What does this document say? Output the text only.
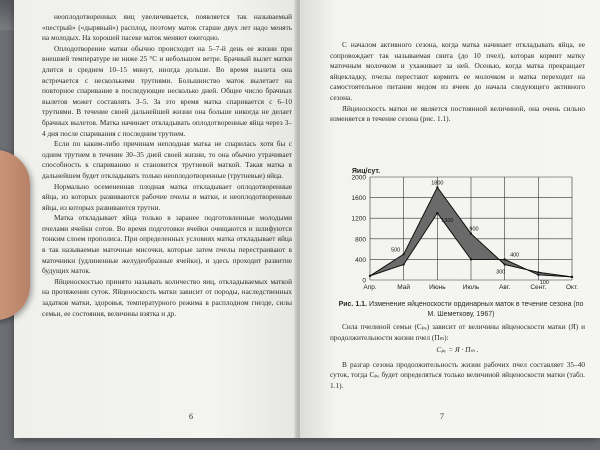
неоплодотворенных яиц увеличивается, появляется так называемый «пестрый» («дырявый») расплод, поэтому маток старше двух лет надо менять на молодых. На хорошей пасеке маток меняют ежегодно.

Оплодотворение матки обычно происходит на 5–7-й день ее жизни при внешней температуре не ниже 25 °С и небольшом ветре. Брачный вылет матки длится в среднем 10–15 минут, иногда дольше. Во время вылета она встречается с несколькими трутнями. Большинство маток вылетает на повторное спаривание в последующие несколько дней. Общее число брачных вылетов может составлять 3–5. За это время матка спаривается с 6–10 трутнями. В течение своей дальнейшей жизни она больше никогда не делает брачных вылетов. Матка начинает откладывать оплодотворенные яйца через 3–4 дня после спаривания с последним трутнем.

Если по каким-либо причинам неплодная матка не спарилась хотя бы с одним трутнем в течение 30–35 дней своей жизни, то она обычно утрачивает способность к спариванию и становится трутневой маткой. Такая матка в дальнейшем будет откладывать только неоплодотворенные (трутневые) яйца.

Нормально осемененная плодная матка откладывает оплодотворенные яйца, из которых развиваются рабочие пчелы и матки, и неоплодотворенные яйца, из которых развиваются трутни.

Матка откладывает яйца только в заранее подготовленные молодыми пчелами ячейки сотов. Во время подготовки ячейки очищаются и шлифуются тонким слоем прополиса. При определенных условиях матка откладывает яйца в так называемые маточные мисочки, которые затем пчелы перестраивают в маточники (удлиненные желудеобразные ячейки), и здесь проходит развитие будущих маток.

Яйценоскостью принято называть количество яиц, откладываемых маткой на протяжении суток. Яйценоскость матки зависит от породы, наследственных задатков матки, здоровья, температурного режима в расплодном гнезде, силы семьи, ее состояния, величины взятка и др.

6

С началом активного сезона, когда матка начинает откладывать яйца, ее сопровождает так называемая свита (до 10 пчел), которая кормит матку маточным молочком и ухаживает за ней. Осенью, когда матка прекращает яйцекладку, пчелы перестают кормить ее молочком и матка переходит на самостоятельное питание медом из ячеек до начала следующего активного сезона.

Яйценоскость матки не является постоянной величиной, она очень сильно изменяется в течение сезона (рис. 1.1).

0
400
800
1200
1600
2000
Апр.	Май	Июнь	Июль	Авг.	Сент.	Окт.
Яиц/сут.
500
1800
1300
900
400
300
100
Рис. 1.1. Изменение яйценоскости ординарных маток в течение сезона (по М. Шеметкову, 1967)

Сила пчелиной семьи (Сₚₑ) зависит от величины яйценоскости матки (Я) и продолжительности жизни пчел (Пₘ):

Сₚₑ = Я · Пₘ .

В разгар сезона продолжительность жизни рабочих пчел составляет 35–40 суток, тогда Сₚₑ будет определяться только величиной яйценоскости матки (табл. 1.1).

7
